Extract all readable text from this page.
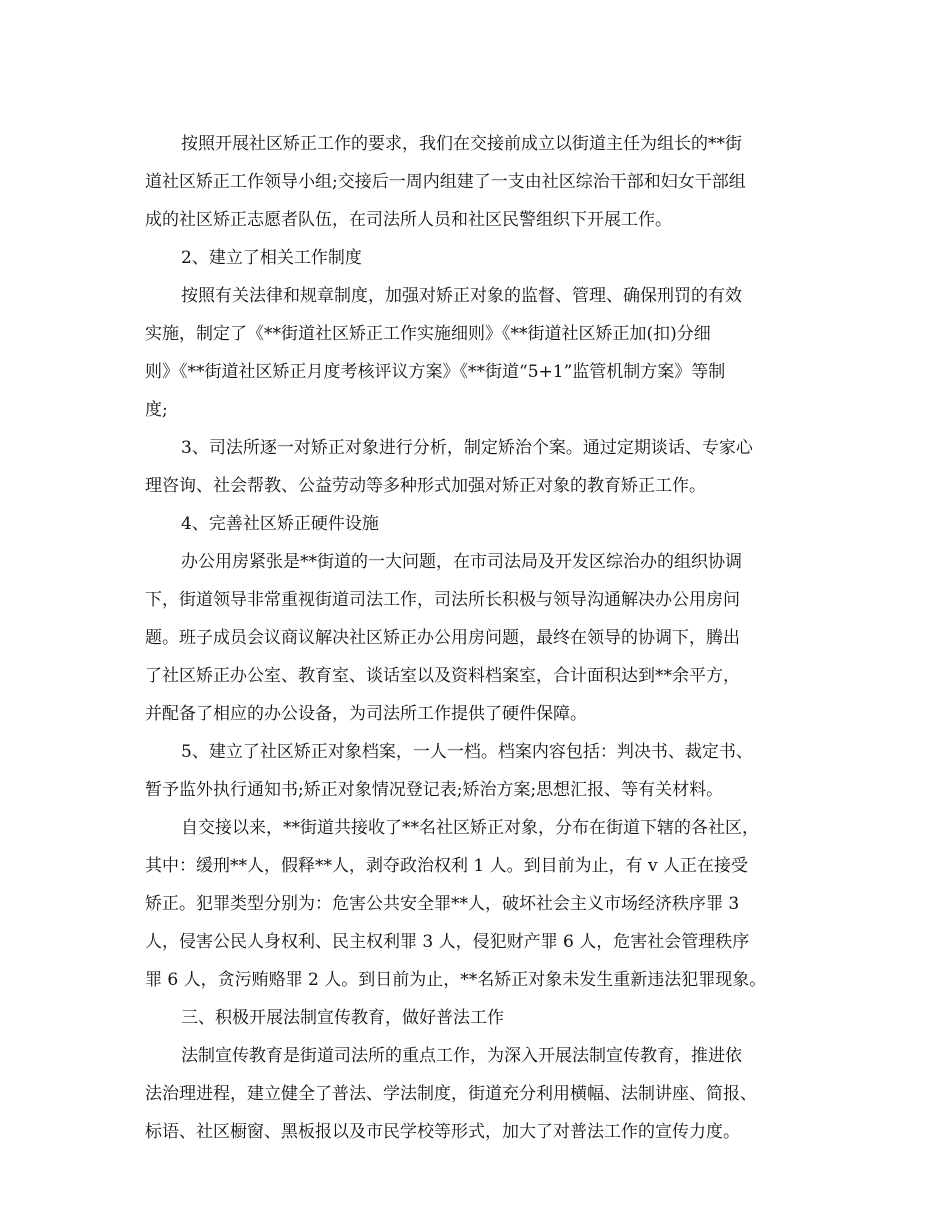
按照开展社区矫正工作的要求，我们在交接前成立以街道主任为组长的**街
道社区矫正工作领导小组;交接后一周内组建了一支由社区综治干部和妇女干部组
成的社区矫正志愿者队伍，在司法所人员和社区民警组织下开展工作。
2、建立了相关工作制度
按照有关法律和规章制度，加强对矫正对象的监督、管理、确保刑罚的有效
实施，制定了《**街道社区矫正工作实施细则》《**街道社区矫正加(扣)分细
则》《**街道社区矫正月度考核评议方案》《**街道“5+1”监管机制方案》等制
度;
3、司法所逐一对矫正对象进行分析，制定矫治个案。通过定期谈话、专家心
理咨询、社会帮教、公益劳动等多种形式加强对矫正对象的教育矫正工作。
4、完善社区矫正硬件设施
办公用房紧张是**街道的一大问题，在市司法局及开发区综治办的组织协调
下，街道领导非常重视街道司法工作，司法所长积极与领导沟通解决办公用房问
题。班子成员会议商议解决社区矫正办公用房问题，最终在领导的协调下，腾出
了社区矫正办公室、教育室、谈话室以及资料档案室，合计面积达到**余平方，
并配备了相应的办公设备，为司法所工作提供了硬件保障。
5、建立了社区矫正对象档案，一人一档。档案内容包括：判决书、裁定书、
暂予监外执行通知书;矫正对象情况登记表;矫治方案;思想汇报、等有关材料。
自交接以来，**街道共接收了**名社区矫正对象，分布在街道下辖的各社区，
其中：缓刑**人，假释**人，剥夺政治权利 1 人。到目前为止，有 v 人正在接受
矫正。犯罪类型分别为：危害公共安全罪**人，破坏社会主义市场经济秩序罪 3
人，侵害公民人身权利、民主权利罪 3 人，侵犯财产罪 6 人，危害社会管理秩序
罪 6 人，贪污贿赂罪 2 人。到日前为止，**名矫正对象未发生重新违法犯罪现象。
三、积极开展法制宣传教育，做好普法工作
法制宣传教育是街道司法所的重点工作，为深入开展法制宣传教育，推进依
法治理进程，建立健全了普法、学法制度，街道充分利用横幅、法制讲座、简报、
标语、社区橱窗、黑板报以及市民学校等形式，加大了对普法工作的宣传力度。
